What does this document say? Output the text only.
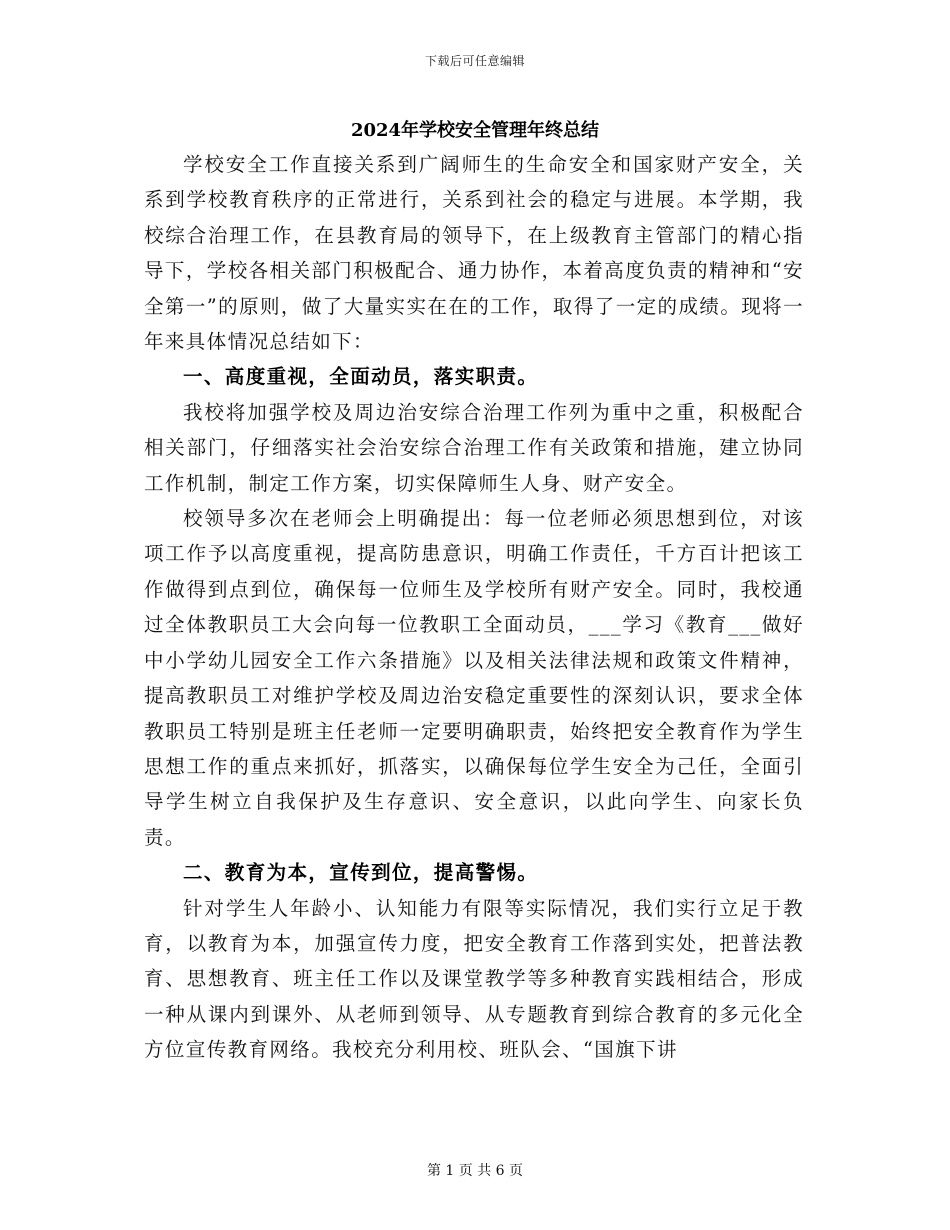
下载后可任意编辑
2024年学校安全管理年终总结

学校安全工作直接关系到广阔师生的生命安全和国家财产安全，关系到学校教育秩序的正常进行，关系到社会的稳定与进展。本学期，我校综合治理工作，在县教育局的领导下，在上级教育主管部门的精心指导下，学校各相关部门积极配合、通力协作，本着高度负责的精神和“安全第一”的原则，做了大量实实在在的工作，取得了一定的成绩。现将一年来具体情况总结如下：

一、高度重视，全面动员，落实职责。

我校将加强学校及周边治安综合治理工作列为重中之重，积极配合相关部门，仔细落实社会治安综合治理工作有关政策和措施，建立协同工作机制，制定工作方案，切实保障师生人身、财产安全。

校领导多次在老师会上明确提出：每一位老师必须思想到位，对该项工作予以高度重视，提高防患意识，明确工作责任，千方百计把该工作做得到点到位，确保每一位师生及学校所有财产安全。同时，我校通过全体教职员工大会向每一位教职工全面动员，___学习《教育___做好中小学幼儿园安全工作六条措施》以及相关法律法规和政策文件精神，提高教职员工对维护学校及周边治安稳定重要性的深刻认识，要求全体教职员工特别是班主任老师一定要明确职责，始终把安全教育作为学生思想工作的重点来抓好，抓落实，以确保每位学生安全为己任，全面引导学生树立自我保护及生存意识、安全意识，以此向学生、向家长负责。

二、教育为本，宣传到位，提高警惕。

针对学生人年龄小、认知能力有限等实际情况，我们实行立足于教育，以教育为本，加强宣传力度，把安全教育工作落到实处，把普法教育、思想教育、班主任工作以及课堂教学等多种教育实践相结合，形成一种从课内到课外、从老师到领导、从专题教育到综合教育的多元化全方位宣传教育网络。我校充分利用校、班队会、“国旗下讲

第 1 页 共 6 页
